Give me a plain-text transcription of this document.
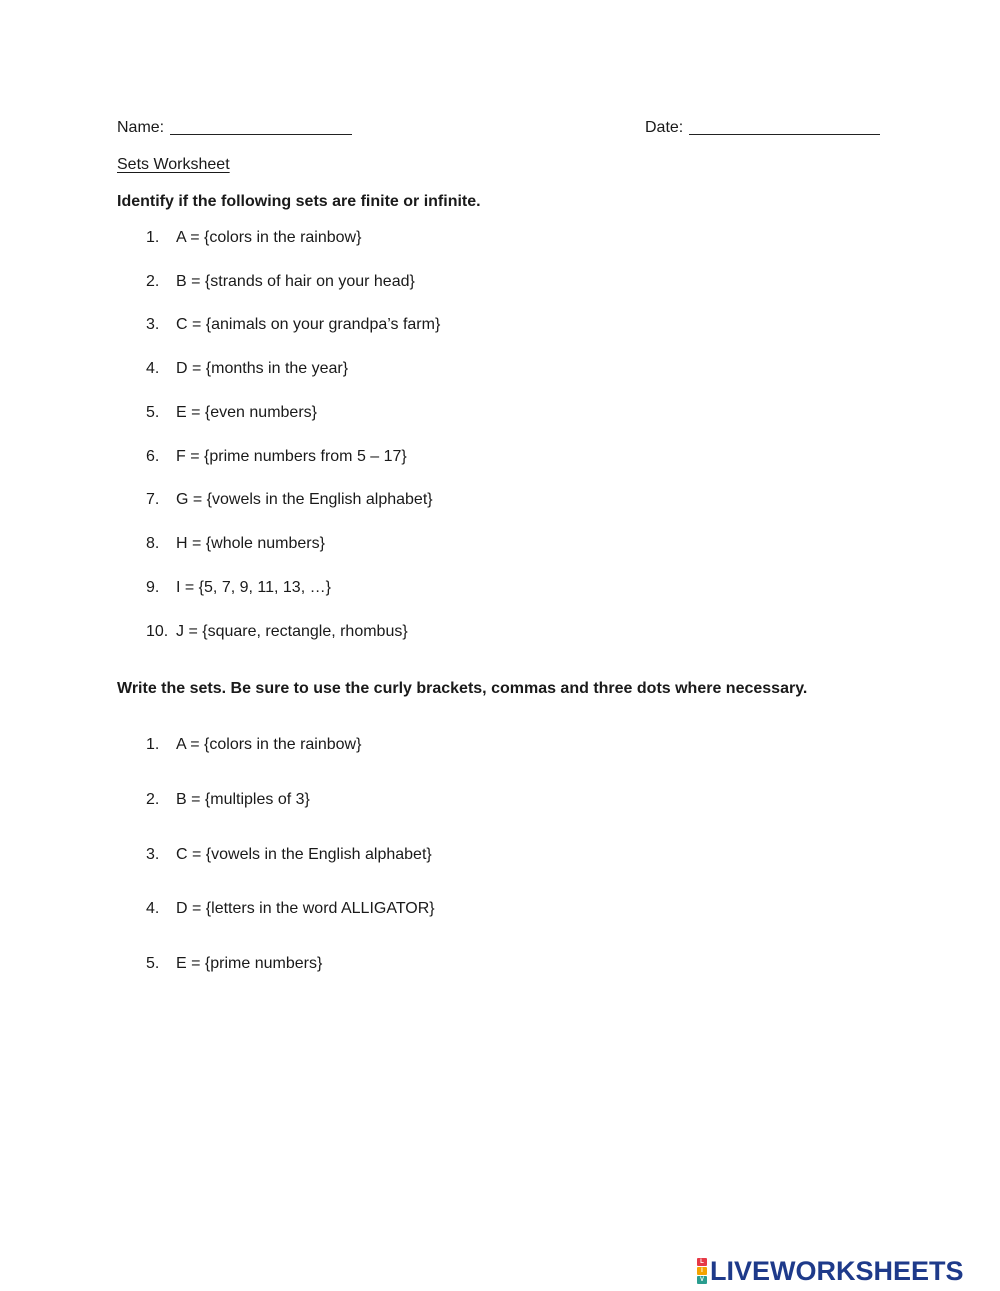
Name:	Date:
Sets Worksheet
Identify if the following sets are finite or infinite.
1. A = {colors in the rainbow}
2. B = {strands of hair on your head}
3. C = {animals on your grandpa’s farm}
4. D = {months in the year}
5. E = {even numbers}
6. F = {prime numbers from 5 – 17}
7. G = {vowels in the English alphabet}
8. H = {whole numbers}
9. I = {5, 7, 9, 11, 13, …}
10. J = {square, rectangle, rhombus}
Write the sets. Be sure to use the curly brackets, commas and three dots where necessary.
1. A = {colors in the rainbow}
2. B = {multiples of 3}
3. C = {vowels in the English alphabet}
4. D = {letters in the word ALLIGATOR}
5. E = {prime numbers}
L
I
V LIVEWORKSHEETS
